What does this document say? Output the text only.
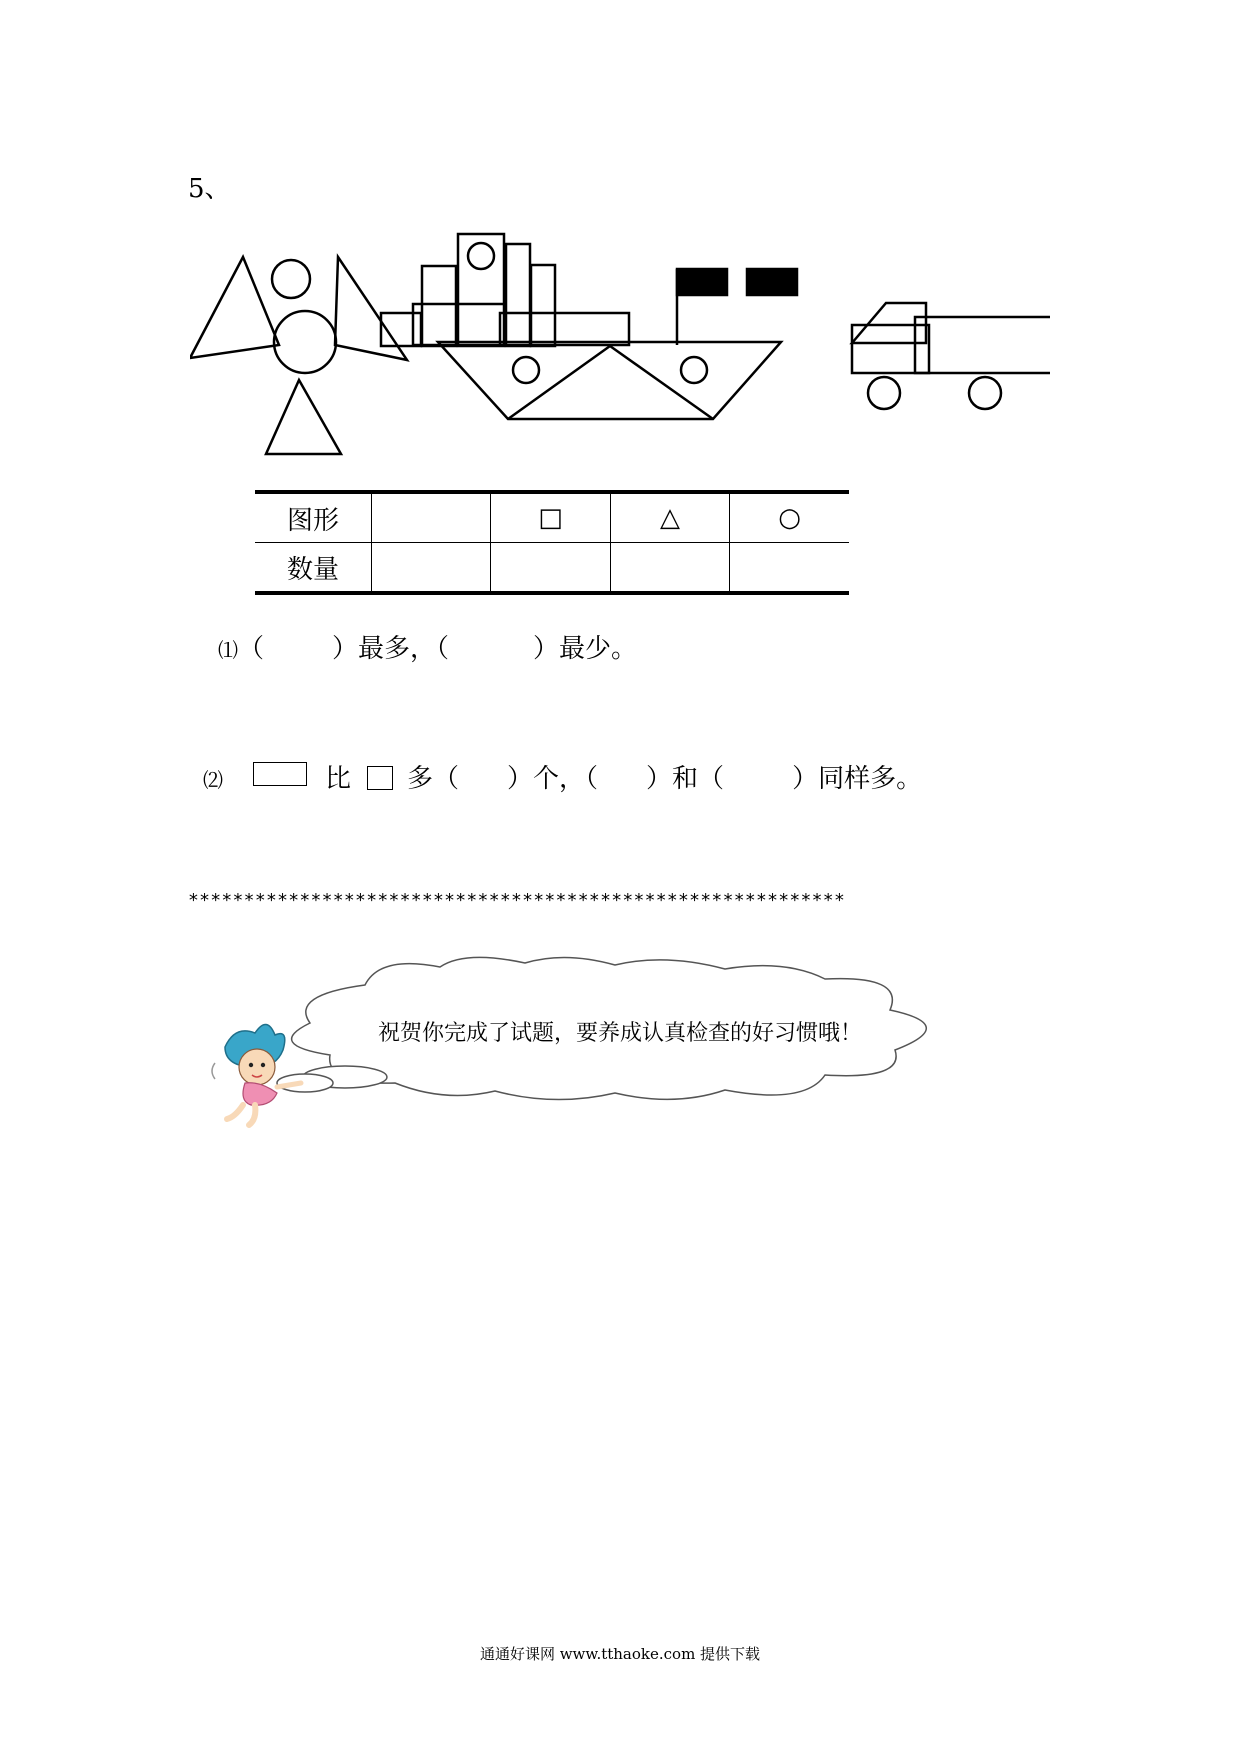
5、
图形		□	△	○
数量				
⑴（	）最多，（	）最少。
⑵	比 多（ ）个，（ ）和（	）同样多。
***********************************************************
祝贺你完成了试题，要养成认真检查的好习惯哦！
通通好课网 www.tthaoke.com 提供下载
